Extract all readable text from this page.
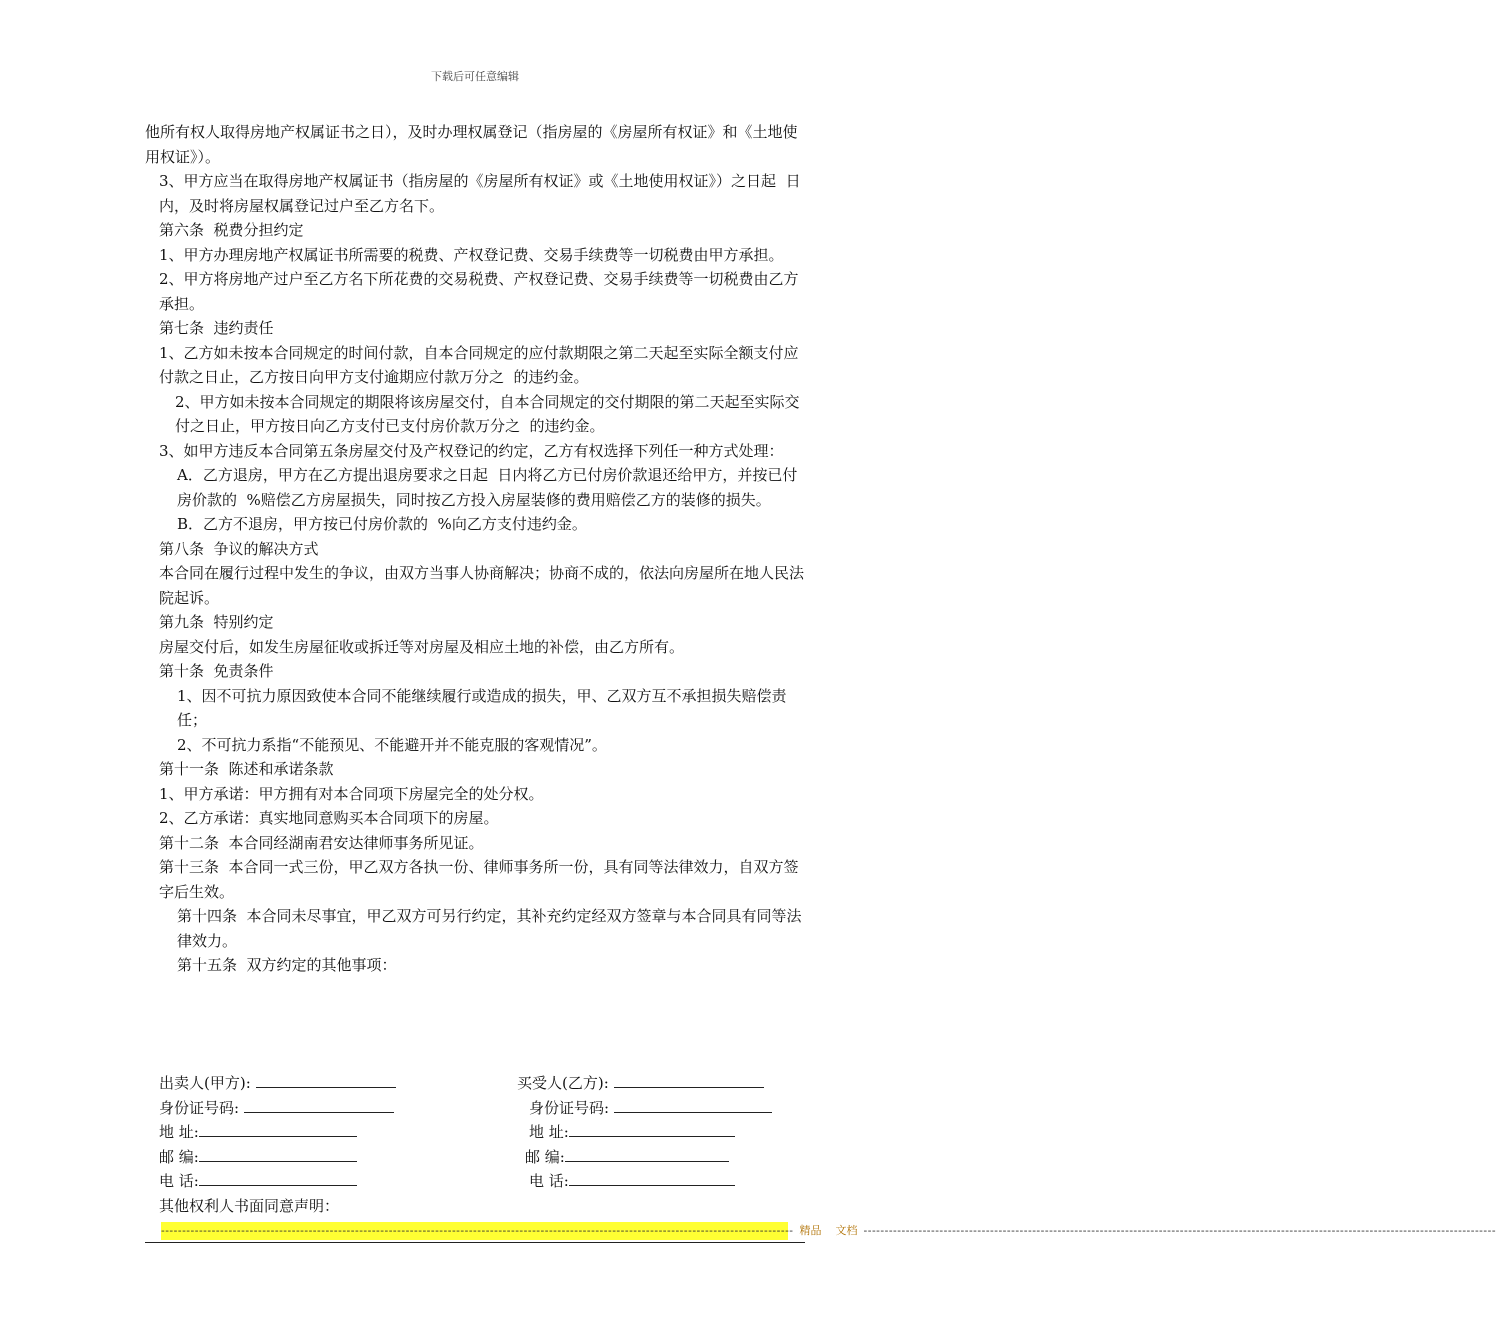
下载后可任意编辑

他所有权人取得房地产权属证书之日），及时办理权属登记（指房屋的《房屋所有权证》和《土地使用权证》）。

3、甲方应当在取得房地产权属证书（指房屋的《房屋所有权证》或《土地使用权证》）之日起  日内，及时将房屋权属登记过户至乙方名下。

第六条  税费分担约定

1、甲方办理房地产权属证书所需要的税费、产权登记费、交易手续费等一切税费由甲方承担。

2、甲方将房地产过户至乙方名下所花费的交易税费、产权登记费、交易手续费等一切税费由乙方承担。

第七条  违约责任

1、乙方如未按本合同规定的时间付款，自本合同规定的应付款期限之第二天起至实际全额支付应付款之日止，乙方按日向甲方支付逾期应付款万分之  的违约金。

2、甲方如未按本合同规定的期限将该房屋交付，自本合同规定的交付期限的第二天起至实际交付之日止，甲方按日向乙方支付已支付房价款万分之  的违约金。

3、如甲方违反本合同第五条房屋交付及产权登记的约定，乙方有权选择下列任一种方式处理：

A．乙方退房，甲方在乙方提出退房要求之日起  日内将乙方已付房价款退还给甲方，并按已付房价款的  %赔偿乙方房屋损失，同时按乙方投入房屋装修的费用赔偿乙方的装修的损失。

B．乙方不退房，甲方按已付房价款的  %向乙方支付违约金。

第八条  争议的解决方式

本合同在履行过程中发生的争议，由双方当事人协商解决；协商不成的，依法向房屋所在地人民法院起诉。

第九条  特别约定

房屋交付后，如发生房屋征收或拆迁等对房屋及相应土地的补偿，由乙方所有。

第十条  免责条件

1、因不可抗力原因致使本合同不能继续履行或造成的损失，甲、乙双方互不承担损失赔偿责任；

2、不可抗力系指“不能预见、不能避开并不能克服的客观情况”。

第十一条  陈述和承诺条款

1、甲方承诺：甲方拥有对本合同项下房屋完全的处分权。

2、乙方承诺：真实地同意购买本合同项下的房屋。

第十二条  本合同经湖南君安达律师事务所见证。

第十三条  本合同一式三份，甲乙双方各执一份、律师事务所一份，具有同等法律效力，自双方签字后生效。

第十四条  本合同未尽事宜，甲乙双方可另行约定，其补充约定经双方签章与本合同具有同等法律效力。

第十五条  双方约定的其他事项：

出卖人(甲方):	买受人(乙方):
身份证号码:	身份证号码:
地 址:	地 址:
邮 编:	邮 编:
电 话:	电 话:
其他权利人书面同意声明：
------------------------------------------------------------------------------------------------------------------------------------------------------ 精品    文档 ------------------------------------------------------------------------------------------------------------------------------------------------------
